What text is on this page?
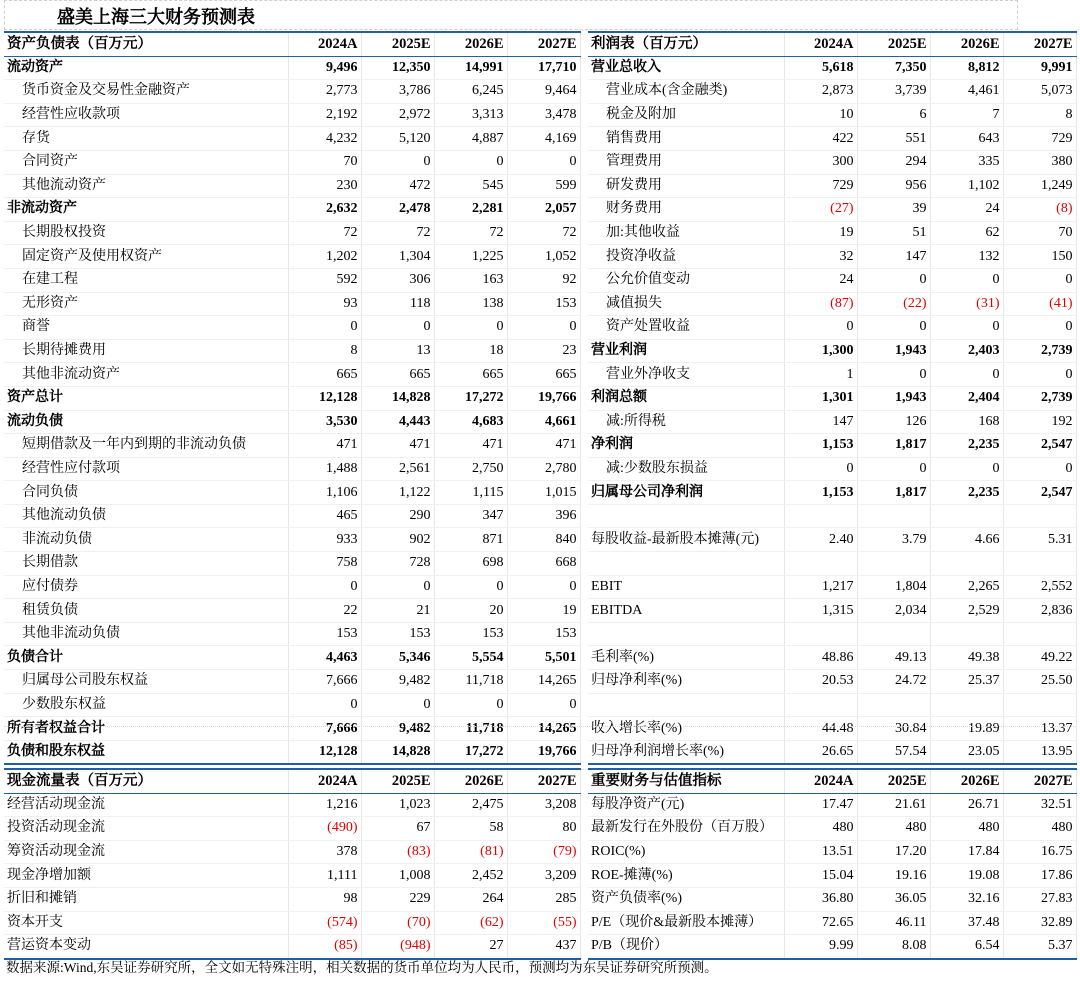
盛美上海三大财务预测表
资产负债表（百万元）	2024A	2025E	2026E	2027E
流动资产	9,496	12,350	14,991	17,710
货币资金及交易性金融资产	2,773	3,786	6,245	9,464
经营性应收款项	2,192	2,972	3,313	3,478
存货	4,232	5,120	4,887	4,169
合同资产	70	0	0	0
其他流动资产	230	472	545	599
非流动资产	2,632	2,478	2,281	2,057
长期股权投资	72	72	72	72
固定资产及使用权资产	1,202	1,304	1,225	1,052
在建工程	592	306	163	92
无形资产	93	118	138	153
商誉	0	0	0	0
长期待摊费用	8	13	18	23
其他非流动资产	665	665	665	665
资产总计	12,128	14,828	17,272	19,766
流动负债	3,530	4,443	4,683	4,661
短期借款及一年内到期的非流动负债	471	471	471	471
经营性应付款项	1,488	2,561	2,750	2,780
合同负债	1,106	1,122	1,115	1,015
其他流动负债	465	290	347	396
非流动负债	933	902	871	840
长期借款	758	728	698	668
应付债券	0	0	0	0
租赁负债	22	21	20	19
其他非流动负债	153	153	153	153
负债合计	4,463	5,346	5,554	5,501
归属母公司股东权益	7,666	9,482	11,718	14,265
少数股东权益	0	0	0	0
所有者权益合计	7,666	9,482	11,718	14,265
负债和股东权益	12,128	14,828	17,272	19,766
利润表（百万元）	2024A	2025E	2026E	2027E
营业总收入	5,618	7,350	8,812	9,991
营业成本(含金融类)	2,873	3,739	4,461	5,073
税金及附加	10	6	7	8
销售费用	422	551	643	729
管理费用	300	294	335	380
研发费用	729	956	1,102	1,249
财务费用	(27)	39	24	(8)
加:其他收益	19	51	62	70
投资净收益	32	147	132	150
公允价值变动	24	0	0	0
减值损失	(87)	(22)	(31)	(41)
资产处置收益	0	0	0	0
营业利润	1,300	1,943	2,403	2,739
营业外净收支	1	0	0	0
利润总额	1,301	1,943	2,404	2,739
减:所得税	147	126	168	192
净利润	1,153	1,817	2,235	2,547
减:少数股东损益	0	0	0	0
归属母公司净利润	1,153	1,817	2,235	2,547

每股收益-最新股本摊薄(元)	2.40	3.79	4.66	5.31

EBIT	1,217	1,804	2,265	2,552
EBITDA	1,315	2,034	2,529	2,836

毛利率(%)	48.86	49.13	49.38	49.22
归母净利率(%)	20.53	24.72	25.37	25.50

收入增长率(%)	44.48	30.84	19.89	13.37
归母净利润增长率(%)	26.65	57.54	23.05	13.95
现金流量表（百万元）	2024A	2025E	2026E	2027E
经营活动现金流	1,216	1,023	2,475	3,208
投资活动现金流	(490)	67	58	80
筹资活动现金流	378	(83)	(81)	(79)
现金净增加额	1,111	1,008	2,452	3,209
折旧和摊销	98	229	264	285
资本开支	(574)	(70)	(62)	(55)
营运资本变动	(85)	(948)	27	437
重要财务与估值指标	2024A	2025E	2026E	2027E
每股净资产(元)	17.47	21.61	26.71	32.51
最新发行在外股份（百万股）	480	480	480	480
ROIC(%)	13.51	17.20	17.84	16.75
ROE-摊薄(%)	15.04	19.16	19.08	17.86
资产负债率(%)	36.80	36.05	32.16	27.83
P/E（现价&最新股本摊薄）	72.65	46.11	37.48	32.89
P/B（现价）	9.99	8.08	6.54	5.37
数据来源:Wind,东吴证券研究所，全文如无特殊注明，相关数据的货币单位均为人民币，预测均为东吴证券研究所预测。
